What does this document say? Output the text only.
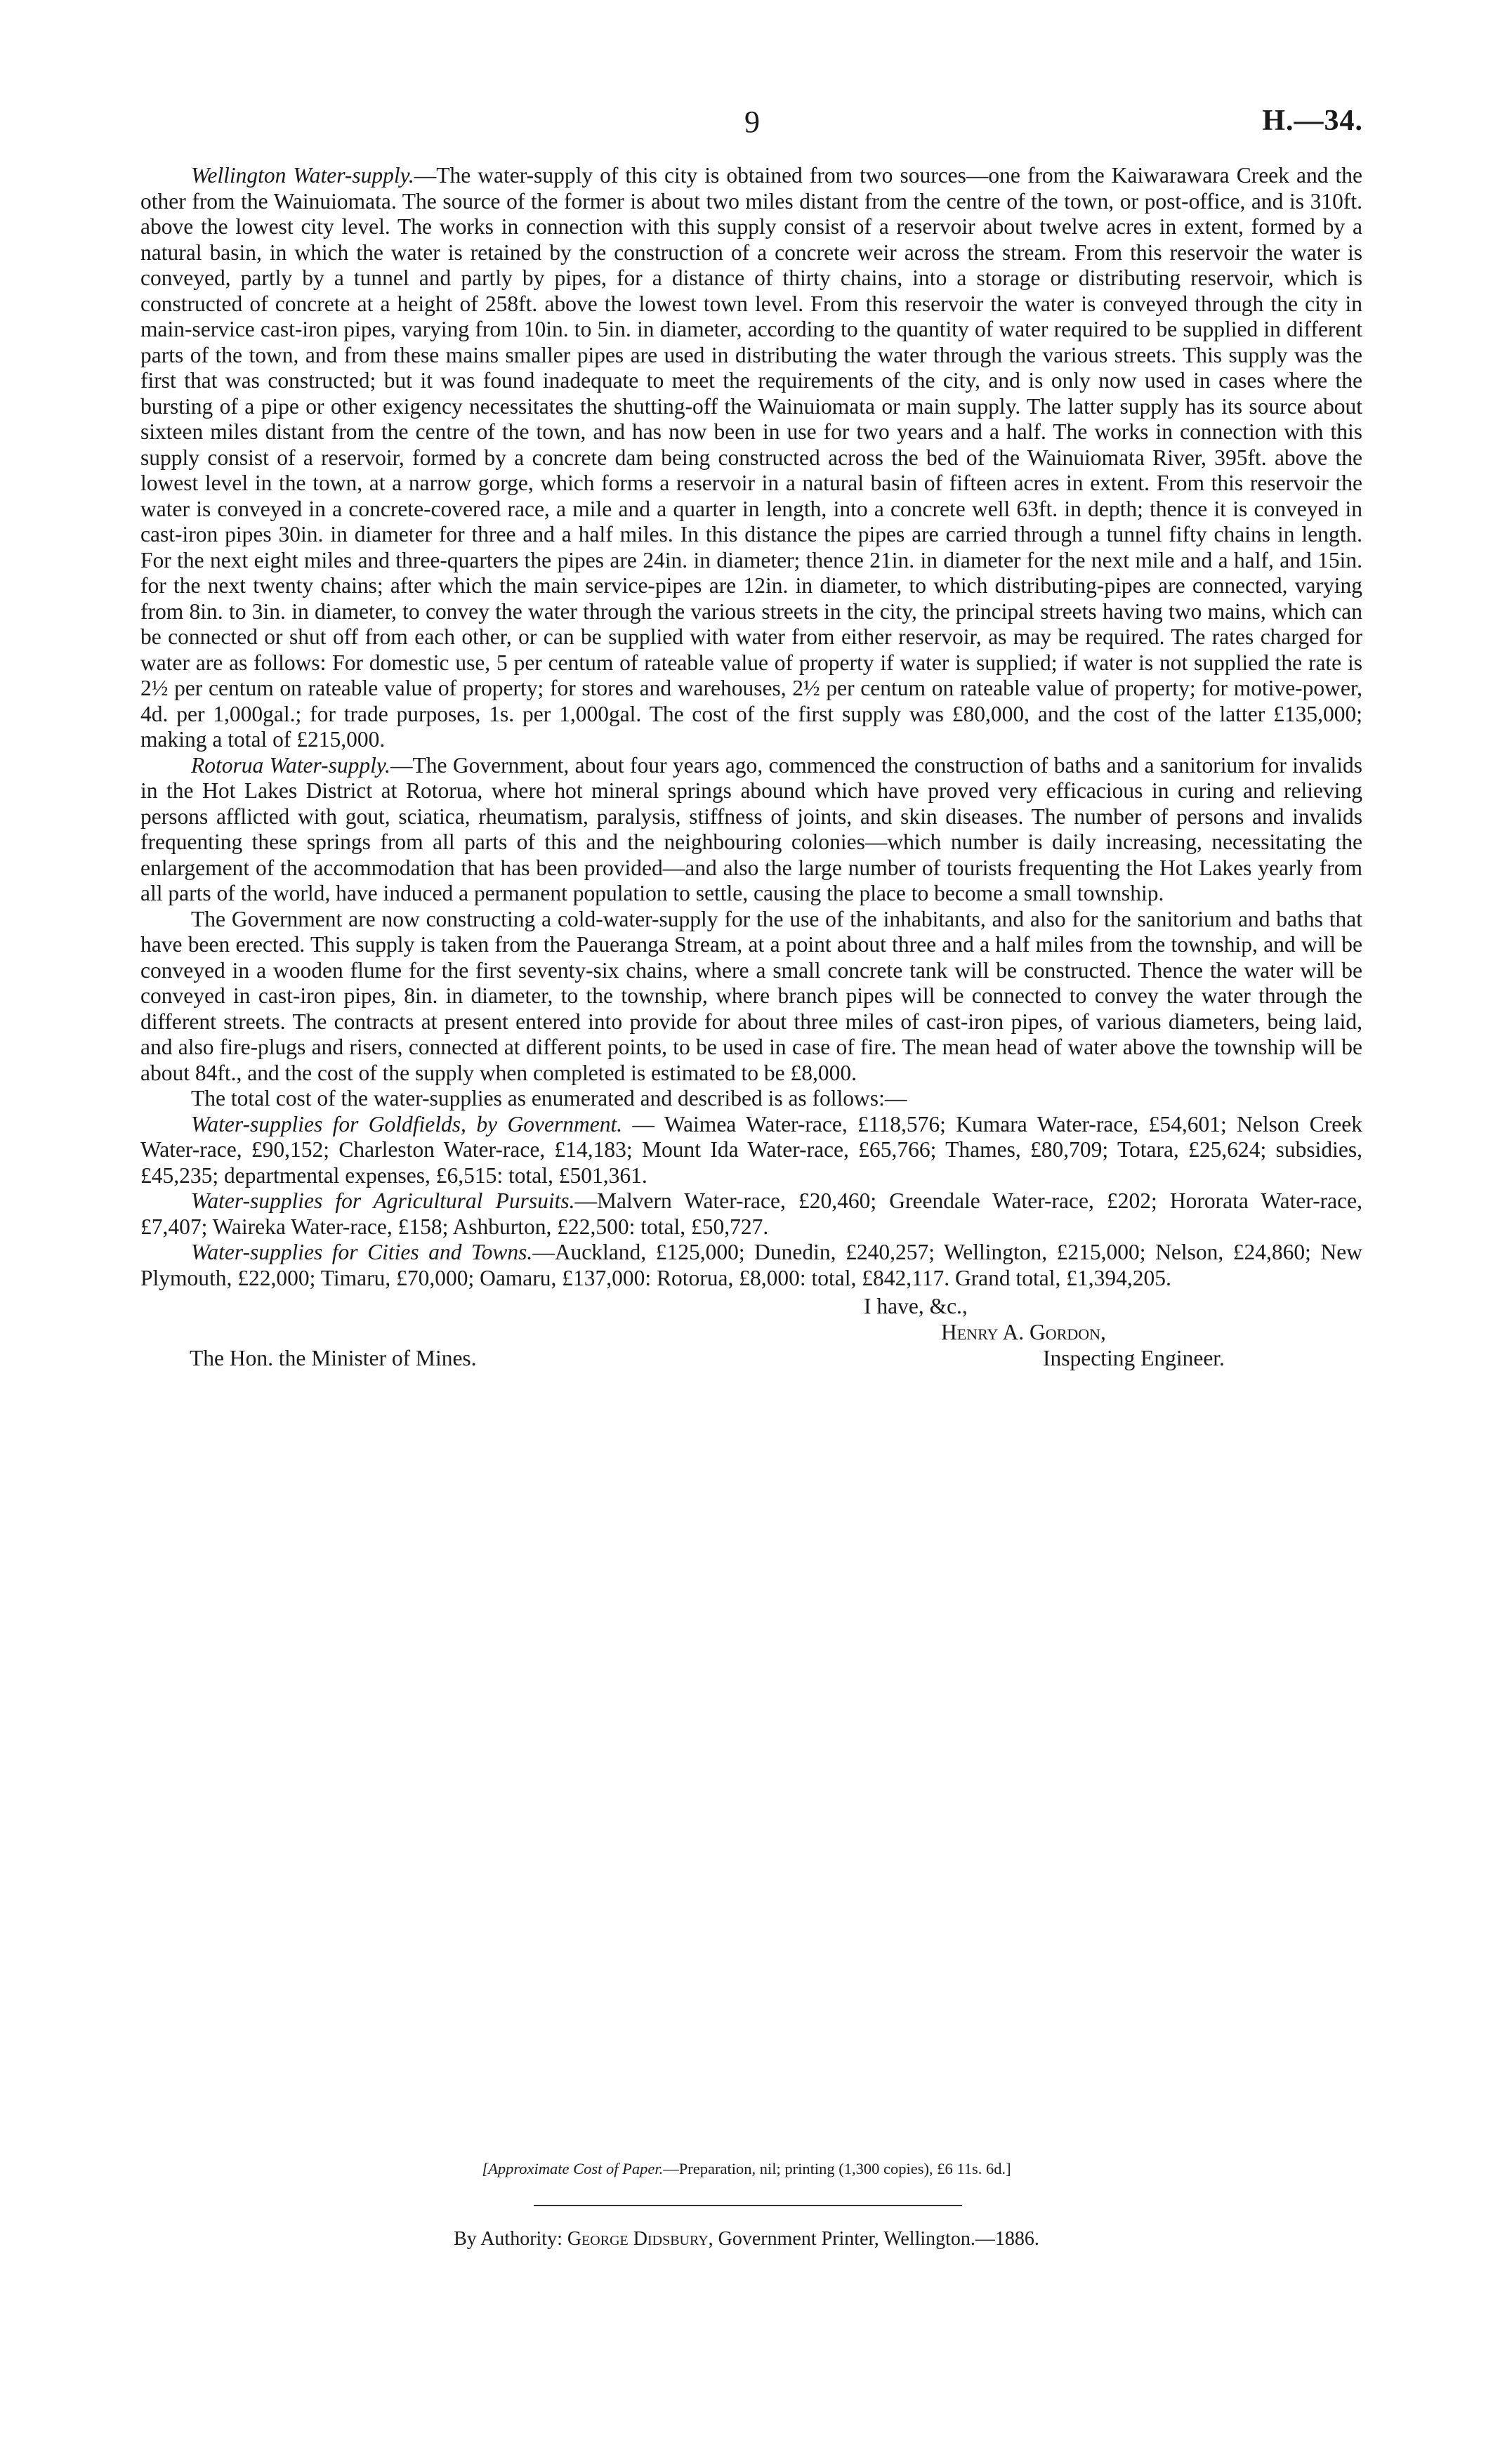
9	H.—34.

Wellington Water-supply.—The water-supply of this city is obtained from two sources—one from the Kaiwarawara Creek and the other from the Wainuiomata. The source of the former is about two miles distant from the centre of the town, or post-office, and is 310ft. above the lowest city level. The works in connection with this supply consist of a reservoir about twelve acres in extent, formed by a natural basin, in which the water is retained by the construction of a concrete weir across the stream. From this reservoir the water is conveyed, partly by a tunnel and partly by pipes, for a distance of thirty chains, into a storage or distributing reservoir, which is constructed of concrete at a height of 258ft. above the lowest town level. From this reservoir the water is conveyed through the city in main-service cast-iron pipes, varying from 10in. to 5in. in diameter, according to the quantity of water required to be supplied in different parts of the town, and from these mains smaller pipes are used in distributing the water through the various streets. This supply was the first that was constructed; but it was found inadequate to meet the requirements of the city, and is only now used in cases where the bursting of a pipe or other exigency necessitates the shutting-off the Wainuiomata or main supply. The latter supply has its source about sixteen miles distant from the centre of the town, and has now been in use for two years and a half. The works in connection with this supply consist of a reservoir, formed by a concrete dam being constructed across the bed of the Wainuiomata River, 395ft. above the lowest level in the town, at a narrow gorge, which forms a reservoir in a natural basin of fifteen acres in extent. From this reservoir the water is conveyed in a concrete-covered race, a mile and a quarter in length, into a concrete well 63ft. in depth; thence it is conveyed in cast-iron pipes 30in. in diameter for three and a half miles. In this distance the pipes are carried through a tunnel fifty chains in length. For the next eight miles and three-quarters the pipes are 24in. in diameter; thence 21in. in diameter for the next mile and a half, and 15in. for the next twenty chains; after which the main service-pipes are 12in. in diameter, to which distributing-pipes are connected, varying from 8in. to 3in. in diameter, to convey the water through the various streets in the city, the principal streets having two mains, which can be connected or shut off from each other, or can be supplied with water from either reservoir, as may be required. The rates charged for water are as follows: For domestic use, 5 per centum of rateable value of property if water is supplied; if water is not supplied the rate is 2½ per centum on rateable value of property; for stores and warehouses, 2½ per centum on rateable value of property; for motive-power, 4d. per 1,000gal.; for trade purposes, 1s. per 1,000gal. The cost of the first supply was £80,000, and the cost of the latter £135,000; making a total of £215,000.

Rotorua Water-supply.—The Government, about four years ago, commenced the construction of baths and a sanitorium for invalids in the Hot Lakes District at Rotorua, where hot mineral springs abound which have proved very efficacious in curing and relieving persons afflicted with gout, sciatica, rheumatism, paralysis, stiffness of joints, and skin diseases. The number of persons and invalids frequenting these springs from all parts of this and the neighbouring colonies—which number is daily increasing, necessitating the enlargement of the accommodation that has been provided—and also the large number of tourists frequenting the Hot Lakes yearly from all parts of the world, have induced a permanent population to settle, causing the place to become a small township.

The Government are now constructing a cold-water-supply for the use of the inhabitants, and also for the sanitorium and baths that have been erected. This supply is taken from the Paueranga Stream, at a point about three and a half miles from the township, and will be conveyed in a wooden flume for the first seventy-six chains, where a small concrete tank will be constructed. Thence the water will be conveyed in cast-iron pipes, 8in. in diameter, to the township, where branch pipes will be connected to convey the water through the different streets. The contracts at present entered into provide for about three miles of cast-iron pipes, of various diameters, being laid, and also fire-plugs and risers, connected at different points, to be used in case of fire. The mean head of water above the township will be about 84ft., and the cost of the supply when completed is estimated to be £8,000.

The total cost of the water-supplies as enumerated and described is as follows:—

Water-supplies for Goldfields, by Government. — Waimea Water-race, £118,576; Kumara Water-race, £54,601; Nelson Creek Water-race, £90,152; Charleston Water-race, £14,183; Mount Ida Water-race, £65,766; Thames, £80,709; Totara, £25,624; subsidies, £45,235; departmental expenses, £6,515: total, £501,361.

Water-supplies for Agricultural Pursuits.—Malvern Water-race, £20,460; Greendale Water-race, £202; Hororata Water-race, £7,407; Waireka Water-race, £158; Ashburton, £22,500: total, £50,727.

Water-supplies for Cities and Towns.—Auckland, £125,000; Dunedin, £240,257; Wellington, £215,000; Nelson, £24,860; New Plymouth, £22,000; Timaru, £70,000; Oamaru, £137,000: Rotorua, £8,000: total, £842,117. Grand total, £1,394,205.

I have, &c.,
Henry A. Gordon,
The Hon. the Minister of Mines.	Inspecting Engineer.
[Approximate Cost of Paper.—Preparation, nil; printing (1,300 copies), £6 11s. 6d.]
By Authority: George Didsbury, Government Printer, Wellington.—1886.
